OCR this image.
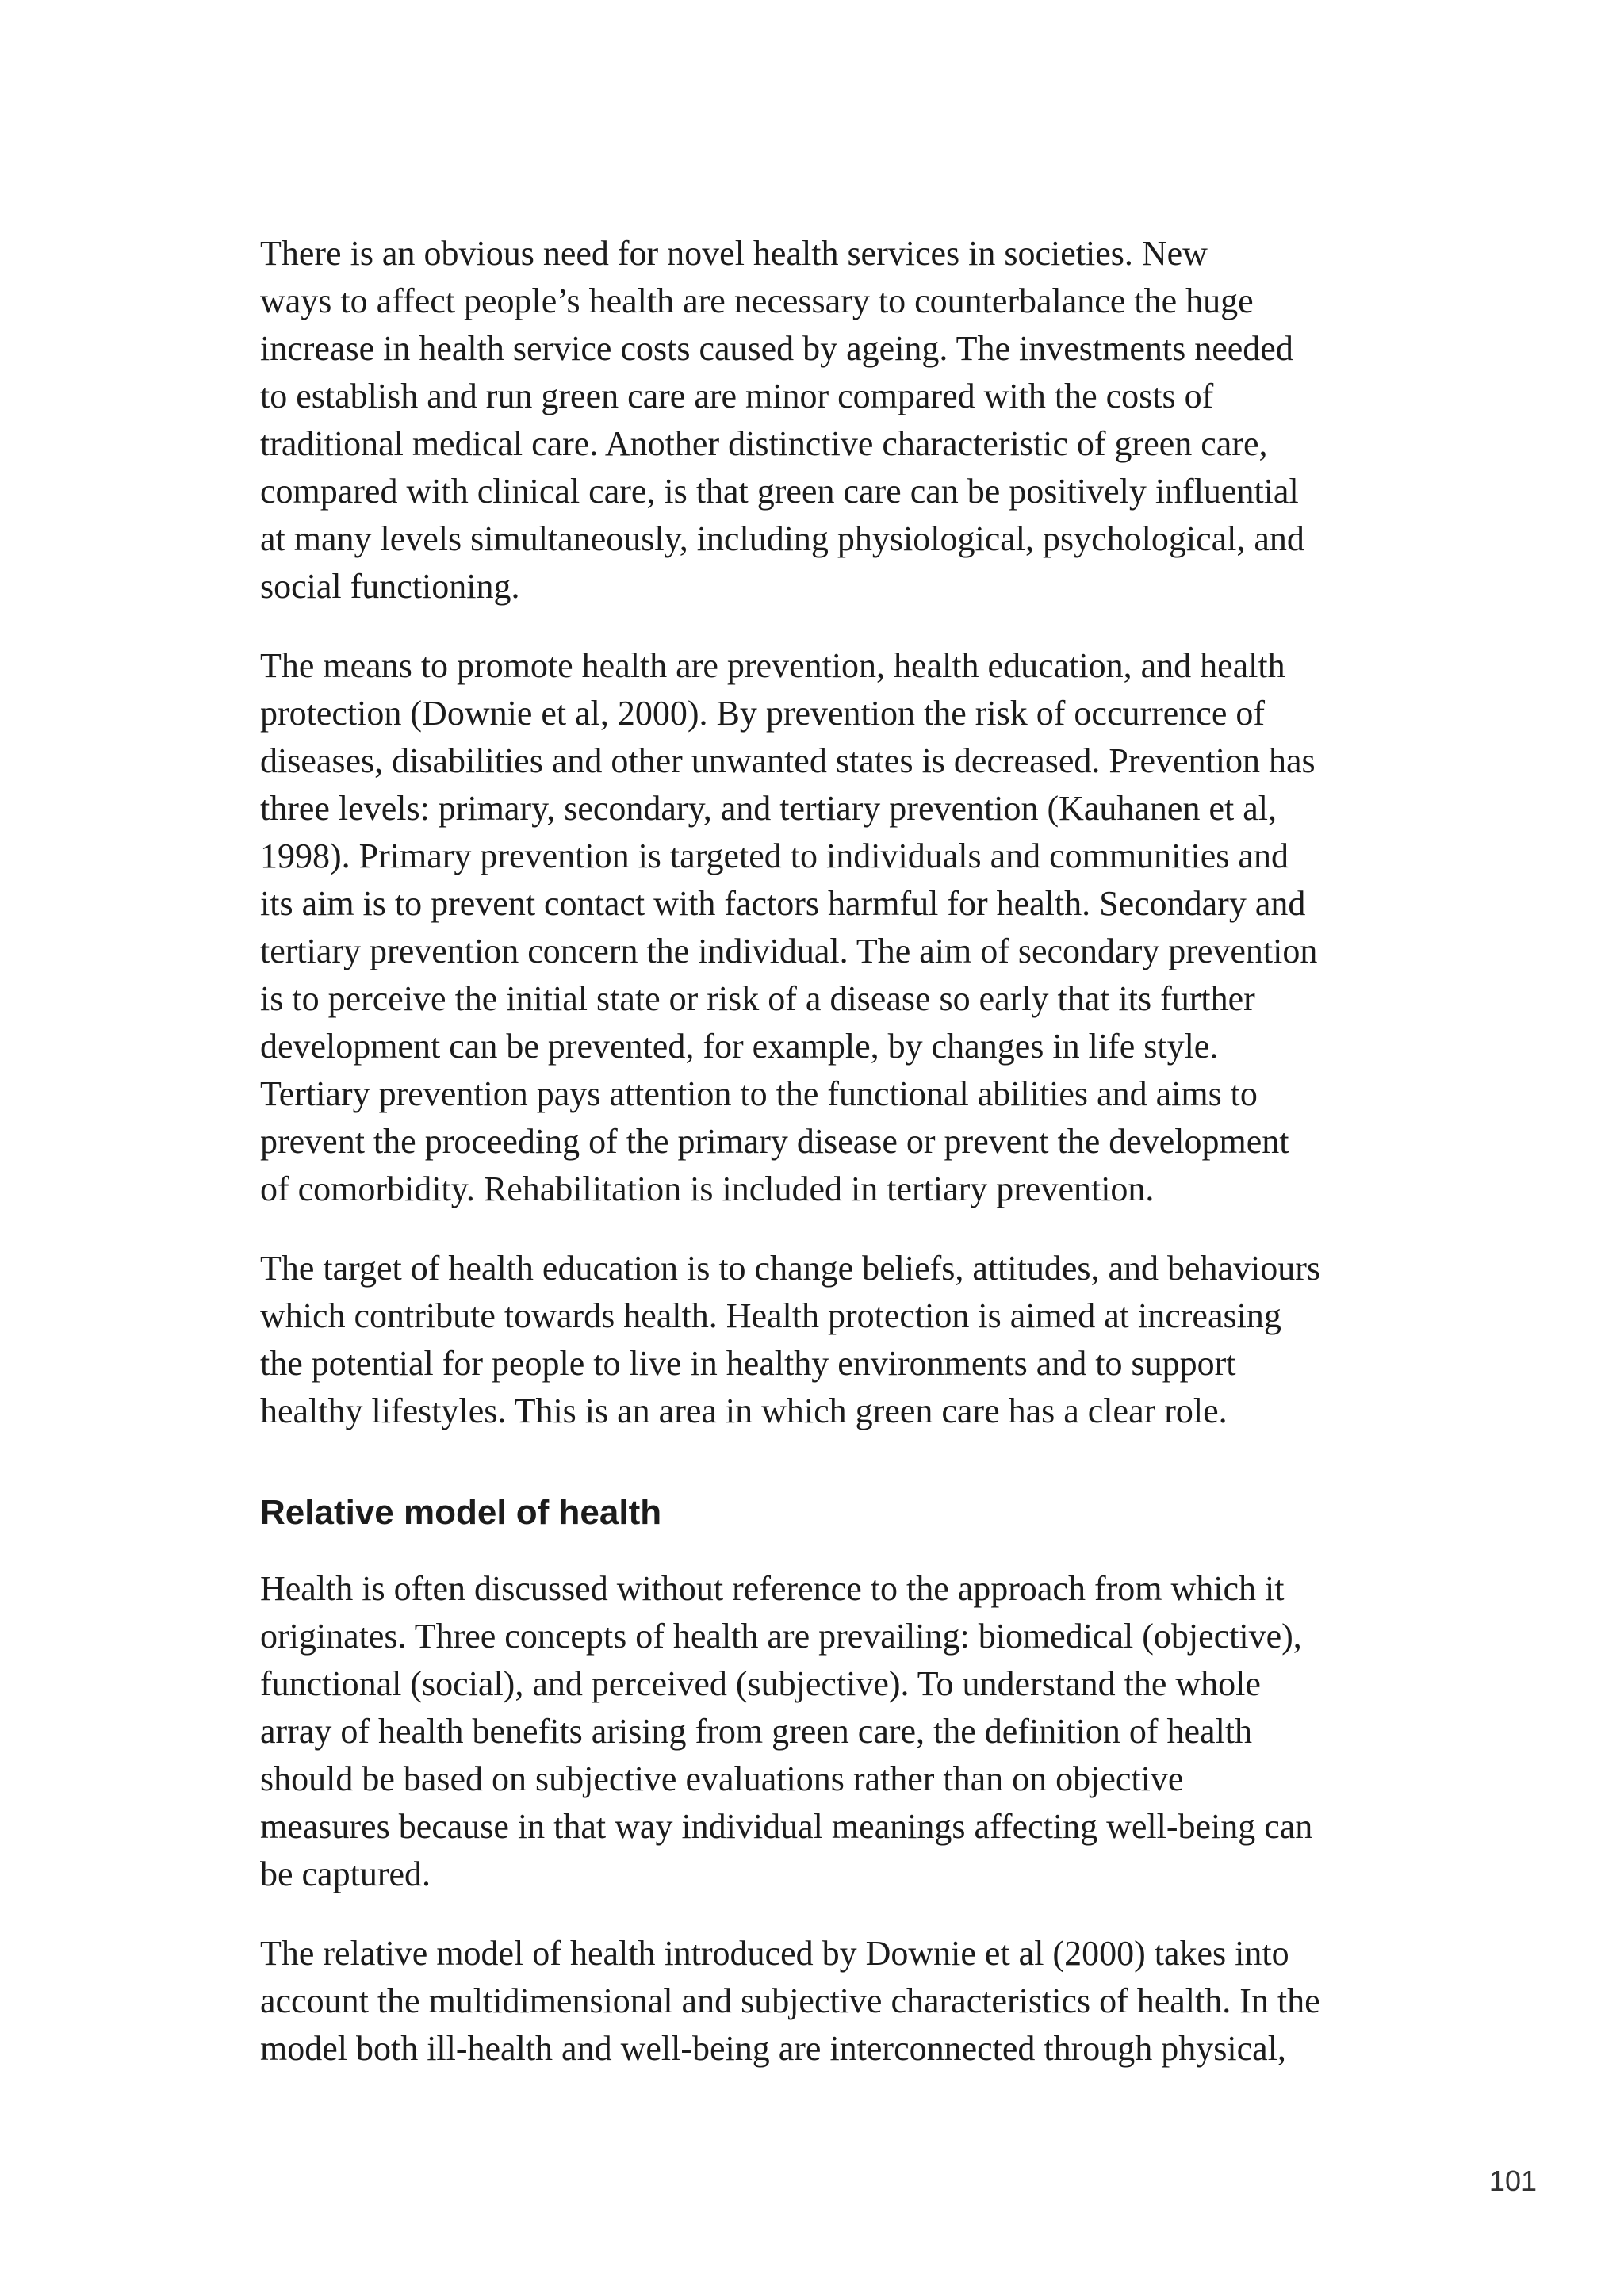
There is an obvious need for novel health services in societies. New
ways to affect people’s health are necessary to counterbalance the huge
increase in health service costs caused by ageing. The investments needed
to establish and run green care are minor compared with the costs of
traditional medical care. Another distinctive characteristic of green care,
compared with clinical care, is that green care can be positively influential
at many levels simultaneously, including physiological, psychological, and
social functioning.

The means to promote health are prevention, health education, and health
protection (Downie et al, 2000). By prevention the risk of occurrence of
diseases, disabilities and other unwanted states is decreased. Prevention has
three levels: primary, secondary, and tertiary prevention (Kauhanen et al,
1998). Primary prevention is targeted to individuals and communities and
its aim is to prevent contact with factors harmful for health. Secondary and
tertiary prevention concern the individual. The aim of secondary prevention
is to perceive the initial state or risk of a disease so early that its further
development can be prevented, for example, by changes in life style.
Tertiary prevention pays attention to the functional abilities and aims to
prevent the proceeding of the primary disease or prevent the development
of comorbidity. Rehabilitation is included in tertiary prevention.

The target of health education is to change beliefs, attitudes, and behaviours
which contribute towards health. Health protection is aimed at increasing
the potential for people to live in healthy environments and to support
healthy lifestyles. This is an area in which green care has a clear role.

Relative model of health

Health is often discussed without reference to the approach from which it
originates. Three concepts of health are prevailing: biomedical (objective),
functional (social), and perceived (subjective). To understand the whole
array of health benefits arising from green care, the definition of health
should be based on subjective evaluations rather than on objective
measures because in that way individual meanings affecting well-being can
be captured.

The relative model of health introduced by Downie et al (2000) takes into
account the multidimensional and subjective characteristics of health. In the
model both ill-health and well-being are interconnected through physical,

101
